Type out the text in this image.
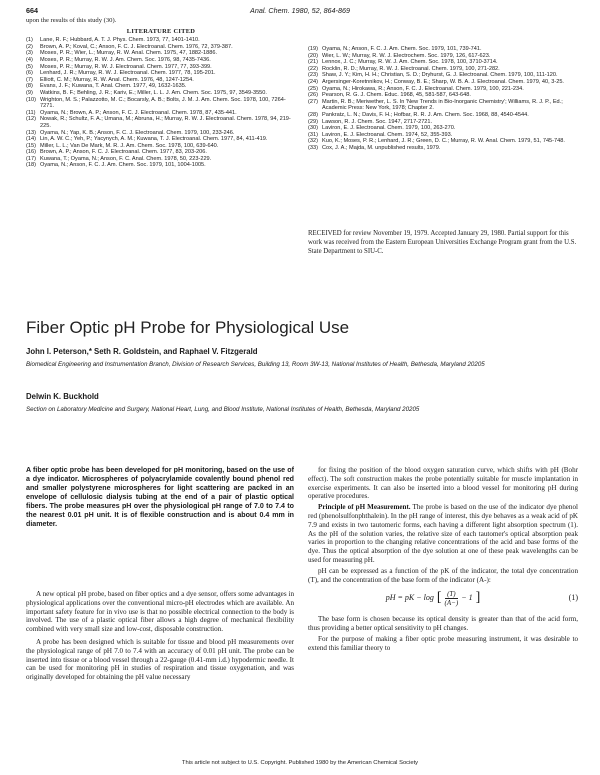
664	Anal. Chem. 1980, 52, 864-869
upon the results of this study (30).
LITERATURE CITED
(1)	Lane, R. F.; Hubbard, A. T. J. Phys. Chem. 1973, 77, 1401-1410.
(2)	Brown, A. P.; Koval, C.; Anson, F. C. J. Electroanal. Chem. 1976, 72, 379-387.
(3)	Moses, P. R.; Wier, L.; Murray, R. W. Anal. Chem. 1975, 47, 1882-1886.
(4)	Moses, P. R.; Murray, R. W. J. Am. Chem. Soc. 1976, 98, 7435-7436.
(5)	Moses, P. R.; Murray, R. W. J. Electroanal. Chem. 1977, 77, 393-399.
(6)	Lenhard, J. R.; Murray, R. W. J. Electroanal. Chem. 1977, 78, 195-201.
(7)	Elliott, C. M.; Murray, R. W. Anal. Chem. 1976, 48, 1247-1254.
(8)	Evans, J. F.; Kuwana, T. Anal. Chem. 1977, 49, 1632-1635.
(9)	Watkins, B. F.; Behling, J. R.; Kariv, E.; Miller, L. L. J. Am. Chem. Soc. 1975, 97, 3549-3550.
(10) Wrighton, M. S.; Palazzotto, M. C.; Bocarsly, A. B.; Bolts, J. M. J. Am. Chem. Soc. 1978, 100, 7264-7271.
(11) Oyama, N.; Brown, A. P.; Anson, F. C. J. Electroanal. Chem. 1978, 87, 435-441.
(12) Nowak, R.; Schultz, F. A.; Umana, M.; Abruna, H.; Murray, R. W. J. Electroanal. Chem. 1978, 94, 219-225.
(13) Oyama, N.; Yap, K. B.; Anson, F. C. J. Electroanal. Chem. 1979, 100, 233-246.
(14) Lin, A. W. C.; Yeh, P.; Yacynych, A. M.; Kuwana, T. J. Electroanal. Chem. 1977, 84, 411-419.
(15) Miller, L. L.; Van De Mark, M. R. J. Am. Chem. Soc. 1978, 100, 639-640.
(16) Brown, A. P.; Anson, F. C. J. Electroanal. Chem. 1977, 83, 203-206.
(17) Kuwana, T.; Oyama, N.; Anson, F. C. Anal. Chem. 1978, 50, 223-229.
(18) Oyama, N.; Anson, F. C. J. Am. Chem. Soc. 1979, 101, 1004-1005.
(19) Oyama, N.; Anson, F. C. J. Am. Chem. Soc. 1979, 101, 739-741.
(20) Wier, L. W.; Murray, R. W. J. Electrochem. Soc. 1979, 126, 617-623.
(21) Lennox, J. C.; Murray, R. W. J. Am. Chem. Soc. 1978, 100, 3710-3714.
(22) Rocklin, R. D.; Murray, R. W. J. Electroanal. Chem. 1979, 100, 271-282.
(23) Shaw, J. Y.; Kim, H. H.; Christian, S. D.; Dryhurst, G. J. Electroanal. Chem. 1979, 100, 111-120.
(24) Argersinger-Koretnnikov, H.; Conway, B. E.; Sharp, W. B. A. J. Electroanal. Chem. 1979, 40, 3-25.
(25) Oyama, N.; Hirokawa, R.; Anson, F. C. J. Electroanal. Chem. 1979, 100, 221-234.
(26) Pearson, R. G. J. Chem. Educ. 1968, 45, 581-587, 643-648.
(27) Martin, R. B.; Meriwether, L. S. In 'New Trends in Bio-Inorganic Chemistry'; Williams, R. J. P., Ed.; Academic Press: New York, 1978; Chapter 2.
(28) Pankratz, L. N.; Davis, F. H.; Hofbar, R. R. J. Am. Chem. Soc. 1968, 88, 4540-4544.
(29) Lawson, R. J. Chem. Soc. 1947, 2717-2721.
(30) Laviron, E. J. Electroanal. Chem. 1979, 100, 263-270.
(31) Laviron, E. J. Electroanal. Chem. 1974, 52, 355-393.
(32) Kuo, K.; Moses, P. R.; Lenhard, J. R.; Green, D. C.; Murray, R. W. Anal. Chem. 1979, 51, 745-748.
(33) Cox, J. A.; Majda, M. unpublished results, 1979.
RECEIVED for review November 19, 1979. Accepted January 29, 1980. Partial support for this work was received from the Eastern European Universities Exchange Program grant from the U.S. State Department to SIU-C.
Fiber Optic pH Probe for Physiological Use
John I. Peterson,* Seth R. Goldstein, and Raphael V. Fitzgerald
Biomedical Engineering and Instrumentation Branch, Division of Research Services, Building 13, Room 3W-13, National Institutes of Health, Bethesda, Maryland 20205
Delwin K. Buckhold
Section on Laboratory Medicine and Surgery, National Heart, Lung, and Blood Institute, National Institutes of Health, Bethesda, Maryland 20205
A fiber optic probe has been developed for pH monitoring, based on the use of a dye indicator. Microspheres of polyacrylamide covalently bound phenol red and smaller polystyrene microspheres for light scattering are packed in an envelope of cellulosic dialysis tubing at the end of a pair of plastic optical fibers. The probe measures pH over the physiological pH range of 7.0 to 7.4 to the nearest 0.01 pH unit. It is of flexible construction and is about 0.4 mm in diameter.

A new optical pH probe, based on fiber optics and a dye sensor, offers some advantages in physiological applications over the conventional micro-pH electrodes which are available. An important safety feature for in vivo use is that no possible electrical connection to the body is involved. The use of a plastic optical fiber allows a high degree of mechanical flexibility combined with very small size and low-cost, disposable construction.

A probe has been designed which is suitable for tissue and blood pH measurements over the physiological range of pH 7.0 to 7.4 with an accuracy of 0.01 pH unit. The probe can be inserted into tissue or a blood vessel through a 22-gauge (0.41-mm i.d.) hypodermic needle. It can be used for monitoring pH in studies of respiration and tissue oxygenation, and was originally developed for obtaining the pH value necessary

for fixing the position of the blood oxygen saturation curve, which shifts with pH (Bohr effect). The soft construction makes the probe potentially suitable for muscle implantation in exercise experiments. It can also be inserted into a blood vessel for monitoring pH during operative procedures.

Principle of pH Measurement. The probe is based on the use of the indicator dye phenol red (phenolsulfonphthalein). In the pH range of interest, this dye behaves as a weak acid of pK 7.9 and exists in two tautomeric forms, each having a different light absorption spectrum (1). As the pH of the solution varies, the relative size of each tautomer's optical absorption peak varies in proportion to the changing relative concentrations of the acid and base forms of the dye. Thus the optical absorption of the dye solution at one of these peak wavelengths can be used for measuring pH.

pH can be expressed as a function of the pK of the indicator, the total dye concentration (T), and the concentration of the base form of the indicator (A-):

pH = pK − log [ $\frac{(T)}{(A-)} - 1$ ]	(1)

The base form is chosen because its optical density is greater than that of the acid form, thus providing a better optical sensitivity to pH changes.

For the purpose of making a fiber optic probe measuring instrument, it was desirable to extend this familiar theory to

This article not subject to U.S. Copyright. Published 1980 by the American Chemical Society
